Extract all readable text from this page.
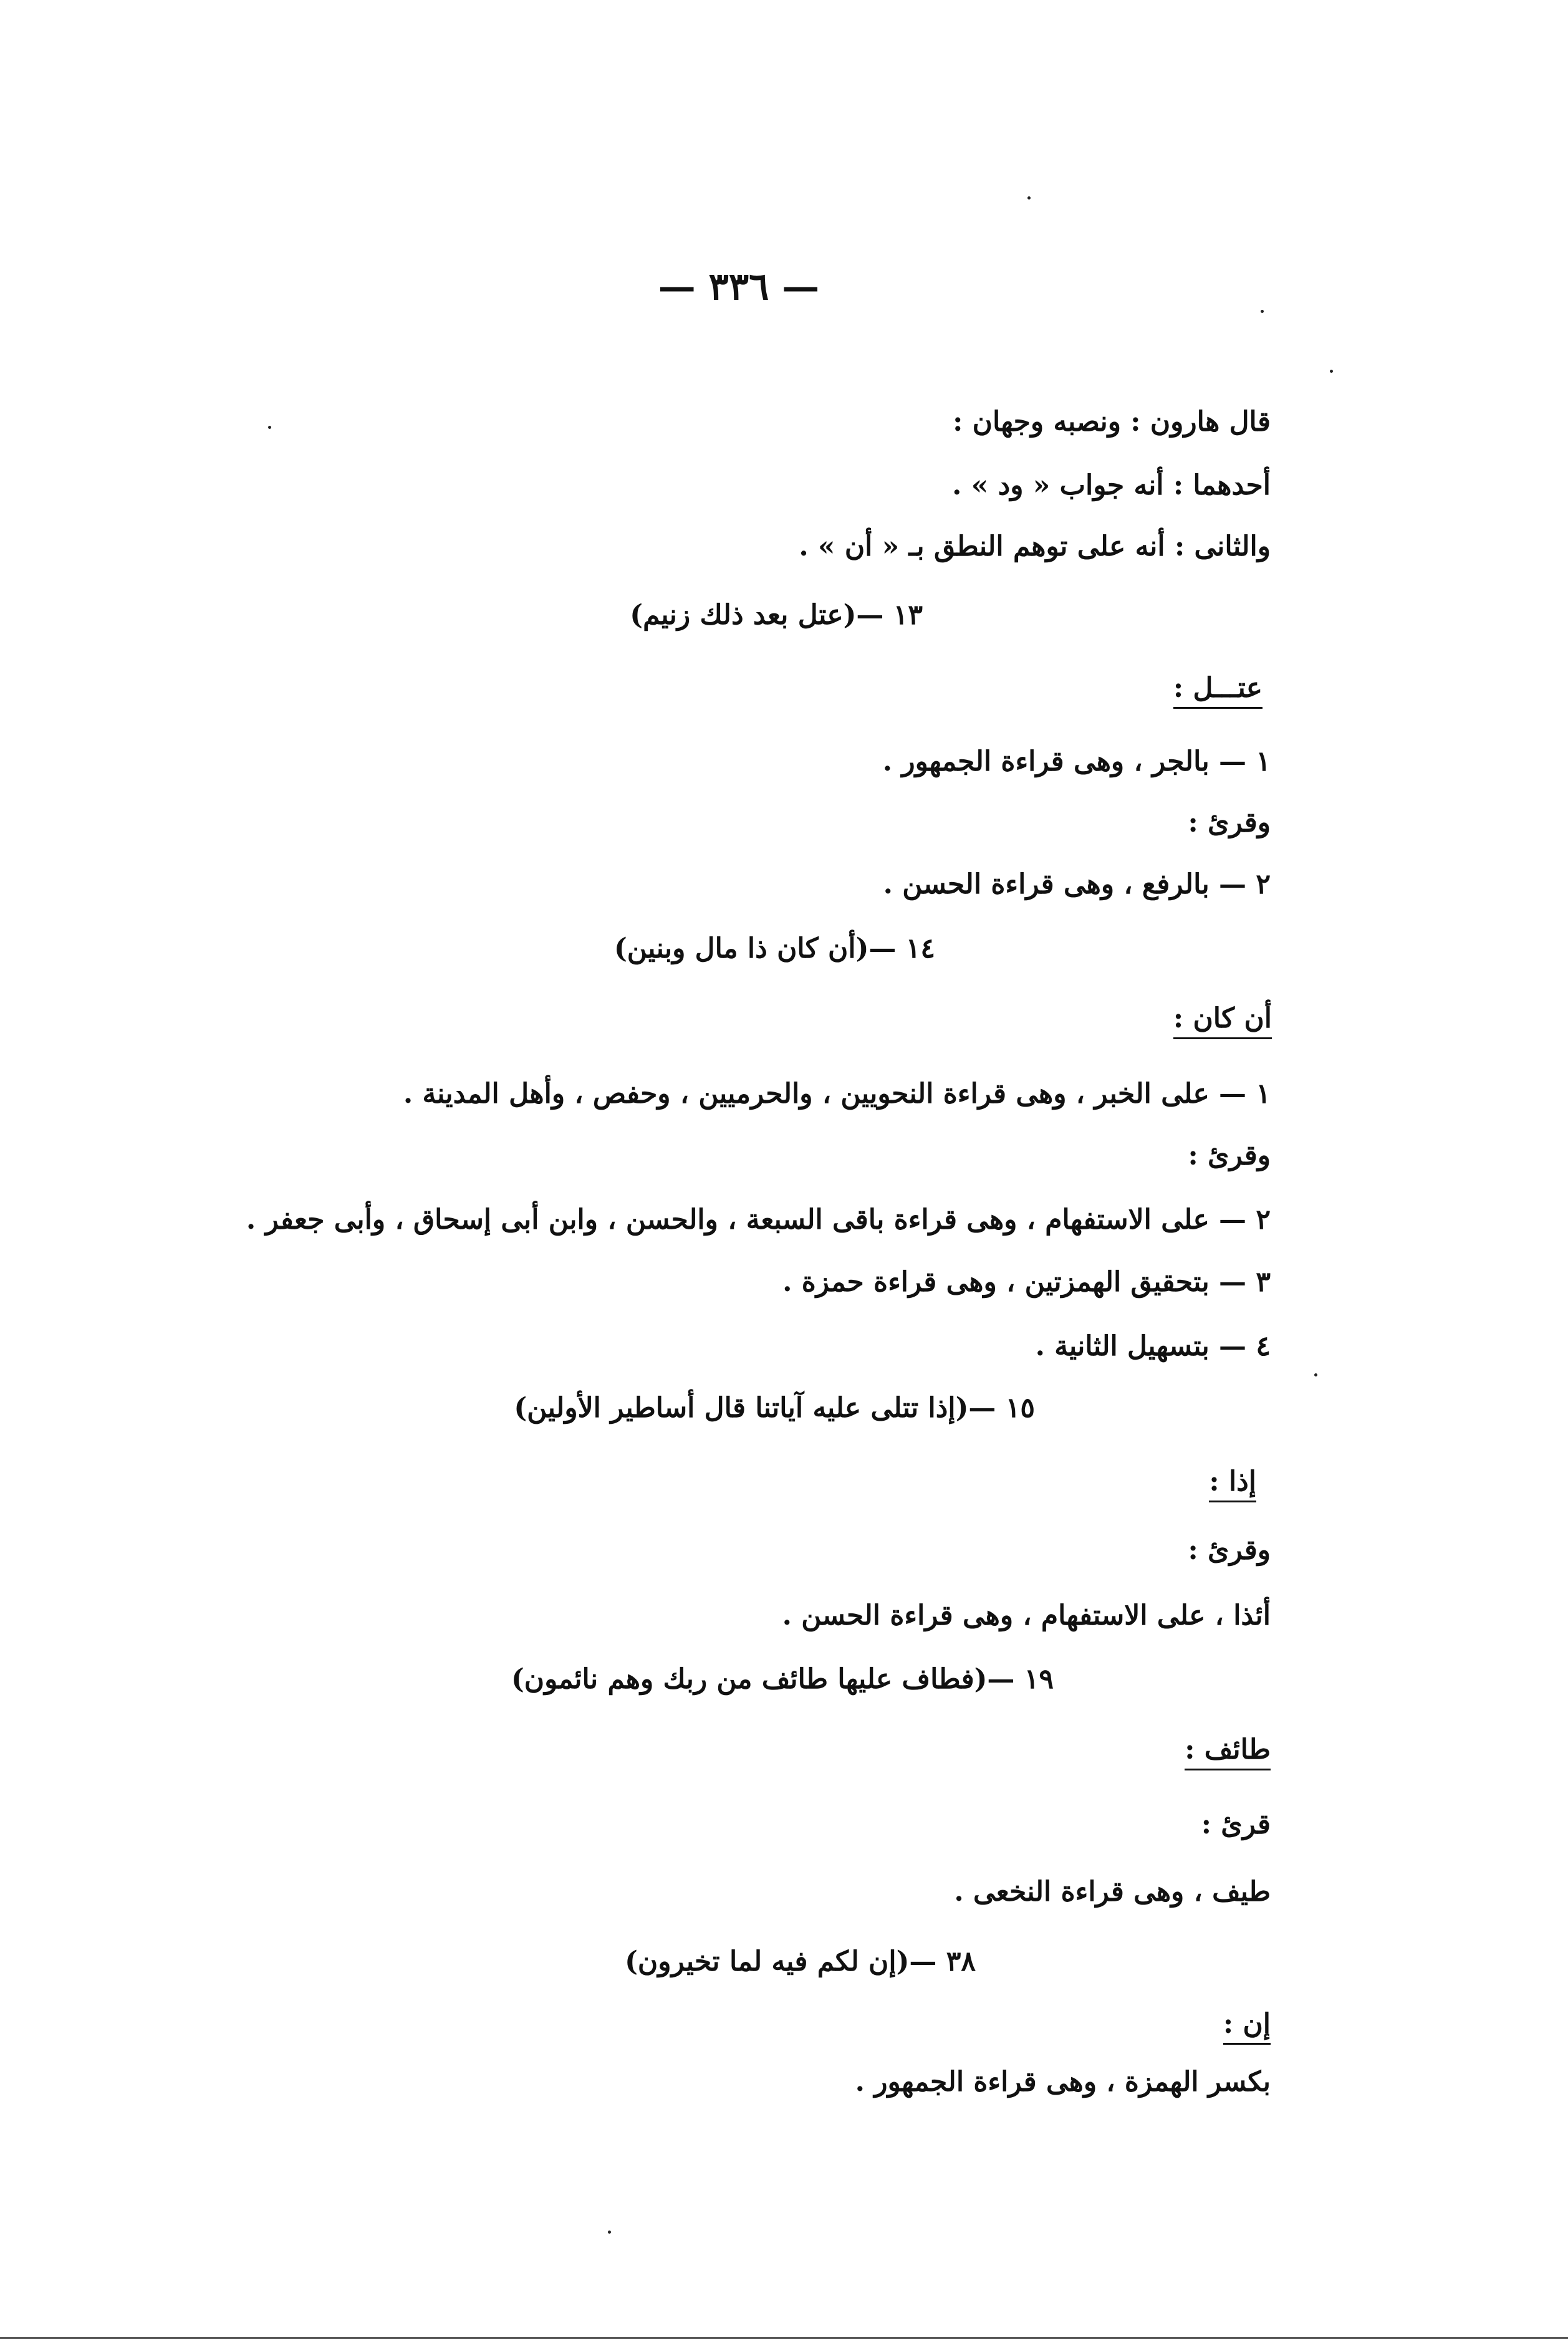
— ٣٣٦ —
قال هارون : ونصبه وجهان :
أحدهما : أنه جواب « ود » .
والثانى : أنه على توهم النطق بـ « أن » .
١٣ —(عتل بعد ذلك زنيم)
عتـــل :
١ — بالجر ، وهى قراءة الجمهور .
وقرئ :
٢ — بالرفع ، وهى قراءة الحسن .
١٤ —(أن كان ذا مال وبنين)
أن كان :
١ — على الخبر ، وهى قراءة النحويين ، والحرميين ، وحفص ، وأهل المدينة .
وقرئ :
٢ — على الاستفهام ، وهى قراءة باقى السبعة ، والحسن ، وابن أبى إسحاق ، وأبى جعفر .
٣ — بتحقيق الهمزتين ، وهى قراءة حمزة .
٤ — بتسهيل الثانية .
١٥ —(إذا تتلى عليه آياتنا قال أساطير الأولين)
إذا :
وقرئ :
أئذا ، على الاستفهام ، وهى قراءة الحسن .
١٩ —(فطاف عليها طائف من ربك وهم نائمون)
طائف :
قرئ :
طيف ، وهى قراءة النخعى .
٣٨ —(إن لكم فيه لما تخيرون)
إن :
بكسر الهمزة ، وهى قراءة الجمهور .
